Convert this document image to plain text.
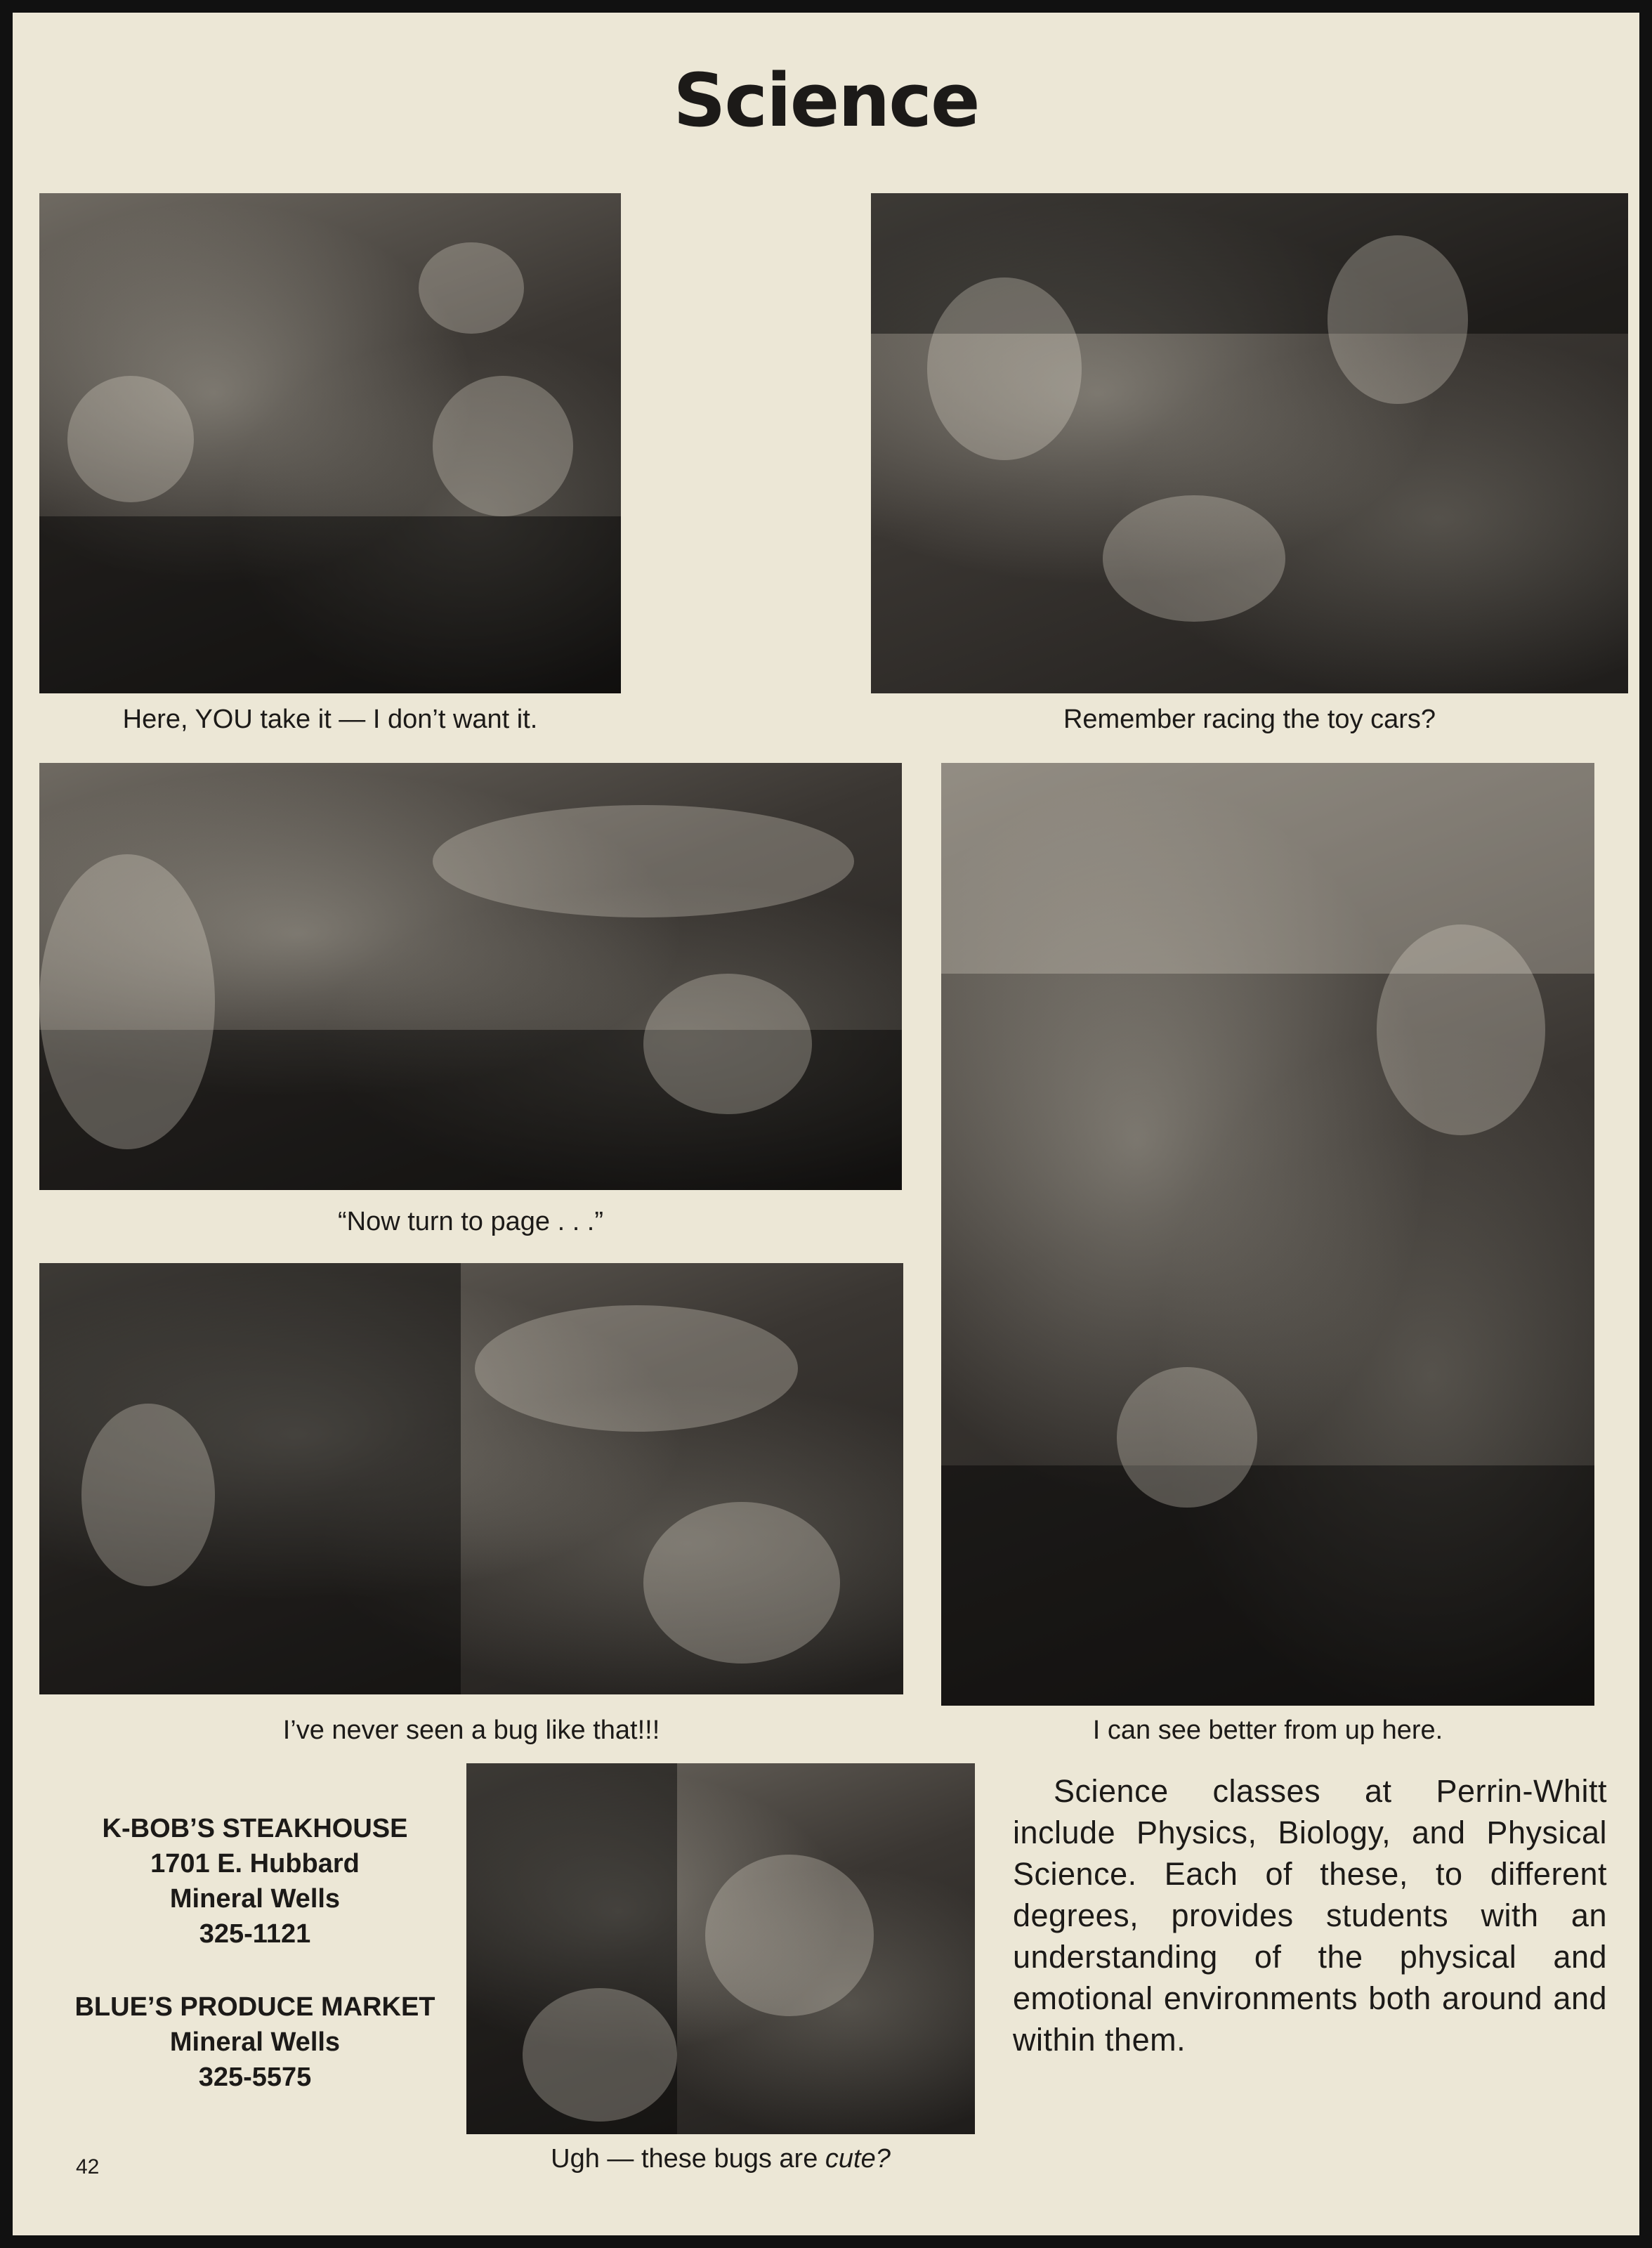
Science
Here, YOU take it — I don’t want it.	Remember racing the toy cars?
“Now turn to page . . .”
I can see better from up here.
I’ve never seen a bug like that!!!
Ugh — these bugs are cute?
K-BOB’S STEAKHOUSE
1701 E. Hubbard
Mineral Wells
325-1121
BLUE’S PRODUCE MARKET
Mineral Wells
325-5575
Science classes at Perrin-Whitt include Physics, Biology, and Physical Science. Each of these, to different degrees, provides students with an understanding of the physical and emotional environments both around and within them.
42
